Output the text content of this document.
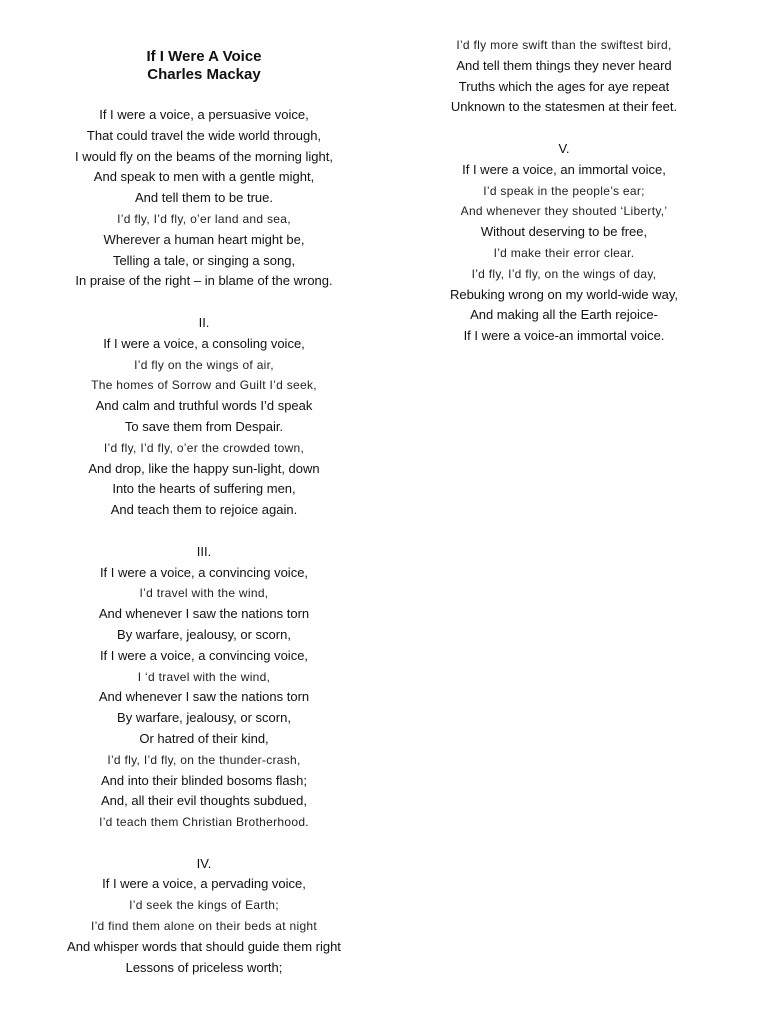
If I Were A Voice
Charles Mackay
If I were a voice, a persuasive voice,
That could travel the wide world through,
I would fly on the beams of the morning light,
And speak to men with a gentle might,
And tell them to be true.
I’d fly, I’d fly, o’er land and sea,
Wherever a human heart might be,
Telling a tale, or singing a song,
In praise of the right – in blame of the wrong.
II.
If I were a voice, a consoling voice,
I’d fly on the wings of air,
The homes of Sorrow and Guilt I’d seek,
And calm and truthful words I’d speak
To save them from Despair.
I’d fly, I’d fly, o’er the crowded town,
And drop, like the happy sun-light, down
Into the hearts of suffering men,
And teach them to rejoice again.
III.
If I were a voice, a convincing voice,
I’d travel with the wind,
And whenever I saw the nations torn
By warfare, jealousy, or scorn,
If I were a voice, a convincing voice,
I ‘d travel with the wind,
And whenever I saw the nations torn
By warfare, jealousy, or scorn,
Or hatred of their kind,
I’d fly, I’d fly, on the thunder-crash,
And into their blinded bosoms flash;
And, all their evil thoughts subdued,
I’d teach them Christian Brotherhood.
IV.
If I were a voice, a pervading voice,
I’d seek the kings of Earth;
I’d find them alone on their beds at night
And whisper words that should guide them right
Lessons of priceless worth;
I’d fly more swift than the swiftest bird,
And tell them things they never heard
Truths which the ages for aye repeat
Unknown to the statesmen at their feet.
V.
If I were a voice, an immortal voice,
I’d speak in the people’s ear;
And whenever they shouted ‘Liberty,’
Without deserving to be free,
I’d make their error clear.
I’d fly, I’d fly, on the wings of day,
Rebuking wrong on my world-wide way,
And making all the Earth rejoice-
If I were a voice-an immortal voice.
